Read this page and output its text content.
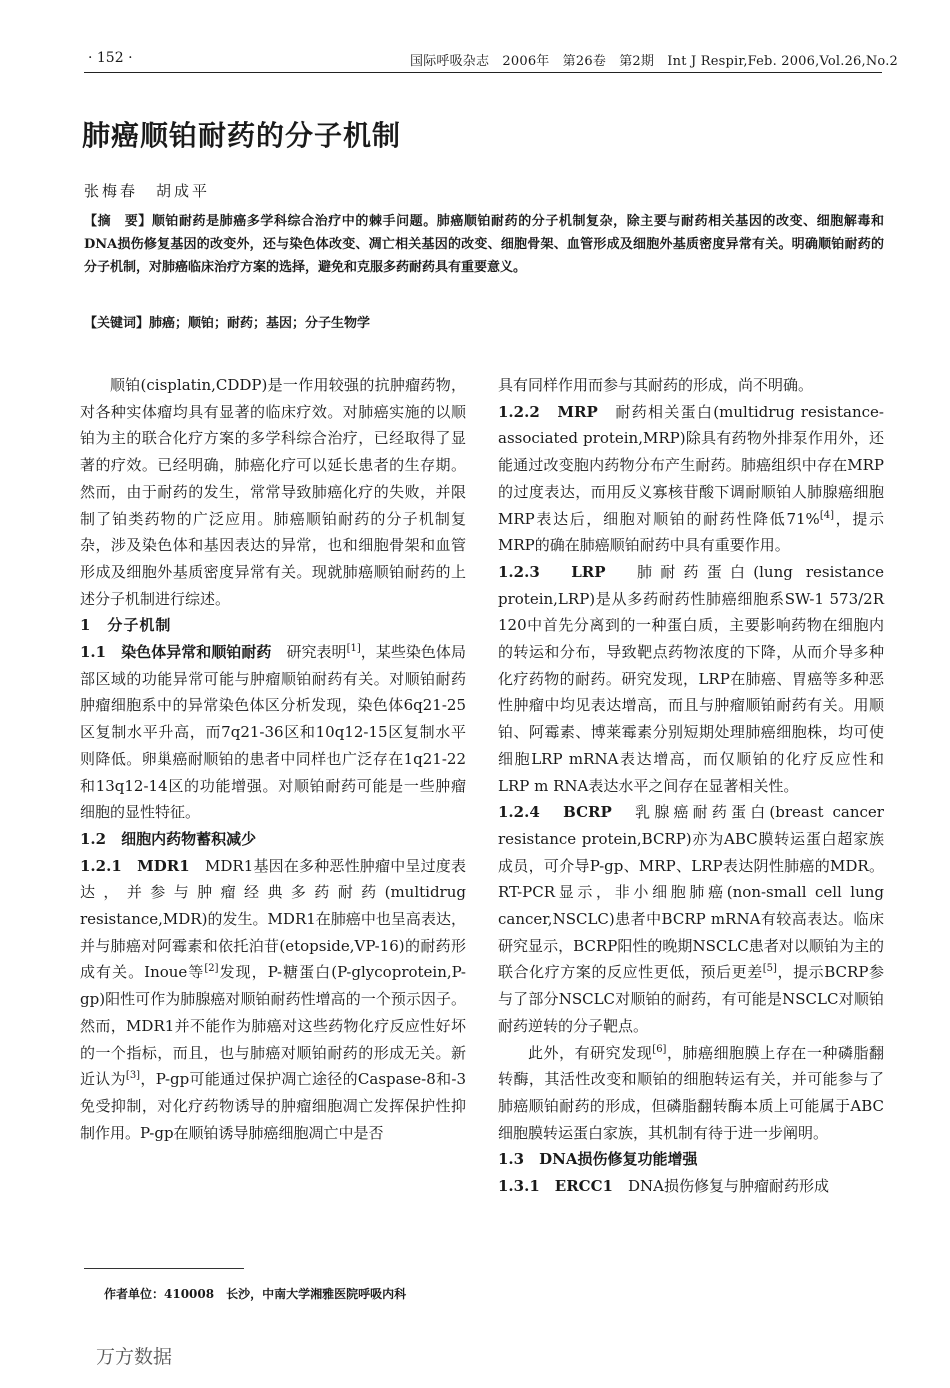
· 152 ·	国际呼吸杂志　2006年　第26卷　第2期　Int J Respir,Feb. 2006,Vol.26,No.2
肺癌顺铂耐药的分子机制
张梅春　胡成平
【摘　要】顺铂耐药是肺癌多学科综合治疗中的棘手问题。肺癌顺铂耐药的分子机制复杂，除主要与耐药相关基因的改变、细胞解毒和DNA损伤修复基因的改变外，还与染色体改变、凋亡相关基因的改变、细胞骨架、血管形成及细胞外基质密度异常有关。明确顺铂耐药的分子机制，对肺癌临床治疗方案的选择，避免和克服多药耐药具有重要意义。
【关键词】肺癌；顺铂；耐药；基因；分子生物学

顺铂(cisplatin,CDDP)是一作用较强的抗肿瘤药物，对各种实体瘤均具有显著的临床疗效。对肺癌实施的以顺铂为主的联合化疗方案的多学科综合治疗，已经取得了显著的疗效。已经明确，肺癌化疗可以延长患者的生存期。然而，由于耐药的发生，常常导致肺癌化疗的失败，并限制了铂类药物的广泛应用。肺癌顺铂耐药的分子机制复杂，涉及染色体和基因表达的异常，也和细胞骨架和血管形成及细胞外基质密度异常有关。现就肺癌顺铂耐药的上述分子机制进行综述。

1　分子机制

1.1　染色体异常和顺铂耐药　 研究表明[1]，某些染色体局部区域的功能异常可能与肿瘤顺铂耐药有关。对顺铂耐药肿瘤细胞系中的异常染色体区分析发现，染色体6q21-25区复制水平升高，而7q21-36区和10q12-15区复制水平则降低。卵巢癌耐顺铂的患者中同样也广泛存在1q21-22和13q12-14区的功能增强。对顺铂耐药可能是一些肿瘤细胞的显性特征。

1.2　细胞内药物蓄积减少

1.2.1　MDR1　 MDR1基因在多种恶性肿瘤中呈过度表达，并参与肿瘤经典多药耐药(multidrug resistance,MDR)的发生。MDR1在肺癌中也呈高表达，并与肺癌对阿霉素和依托泊苷(etopside,VP-16)的耐药形成有关。Inoue等[2]发现，P-糖蛋白(P-glycoprotein,P-gp)阳性可作为肺腺癌对顺铂耐药性增高的一个预示因子。然而，MDR1并不能作为肺癌对这些药物化疗反应性好坏的一个指标，而且，也与肺癌对顺铂耐药的形成无关。新近认为[3]，P-gp可能通过保护凋亡途径的Caspase-8和-3免受抑制，对化疗药物诱导的肿瘤细胞凋亡发挥保护性抑制作用。P-gp在顺铂诱导肺癌细胞凋亡中是否

具有同样作用而参与其耐药的形成，尚不明确。

1.2.2　MRP　 耐药相关蛋白(multidrug resistance-associated protein,MRP)除具有药物外排泵作用外，还能通过改变胞内药物分布产生耐药。肺癌组织中存在MRP的过度表达，而用反义寡核苷酸下调耐顺铂人肺腺癌细胞MRP表达后，细胞对顺铂的耐药性降低71%[4]，提示MRP的确在肺癌顺铂耐药中具有重要作用。

1.2.3　LRP　 肺耐药蛋白(lung resistance protein,LRP)是从多药耐药性肺癌细胞系SW-1 573/2R 120中首先分离到的一种蛋白质，主要影响药物在细胞内的转运和分布，导致靶点药物浓度的下降，从而介导多种化疗药物的耐药。研究发现，LRP在肺癌、胃癌等多种恶性肿瘤中均见表达增高，而且与肿瘤顺铂耐药有关。用顺铂、阿霉素、博莱霉素分别短期处理肺癌细胞株，均可使细胞LRP mRNA表达增高，而仅顺铂的化疗反应性和LRP m RNA表达水平之间存在显著相关性。

1.2.4　BCRP　 乳腺癌耐药蛋白(breast cancer resistance protein,BCRP)亦为ABC膜转运蛋白超家族成员，可介导P-gp、MRP、LRP表达阴性肺癌的MDR。RT-PCR显示，非小细胞肺癌(non-small cell lung cancer,NSCLC)患者中BCRP mRNA有较高表达。临床研究显示，BCRP阳性的晚期NSCLC患者对以顺铂为主的联合化疗方案的反应性更低，预后更差[5]，提示BCRP参与了部分NSCLC对顺铂的耐药，有可能是NSCLC对顺铂耐药逆转的分子靶点。

此外，有研究发现[6]，肺癌细胞膜上存在一种磷脂翻转酶，其活性改变和顺铂的细胞转运有关，并可能参与了肺癌顺铂耐药的形成，但磷脂翻转酶本质上可能属于ABC细胞膜转运蛋白家族，其机制有待于进一步阐明。

1.3　DNA损伤修复功能增强

1.3.1　ERCC1　 DNA损伤修复与肿瘤耐药形成

作者单位：410008　长沙，中南大学湘雅医院呼吸内科
万方数据
